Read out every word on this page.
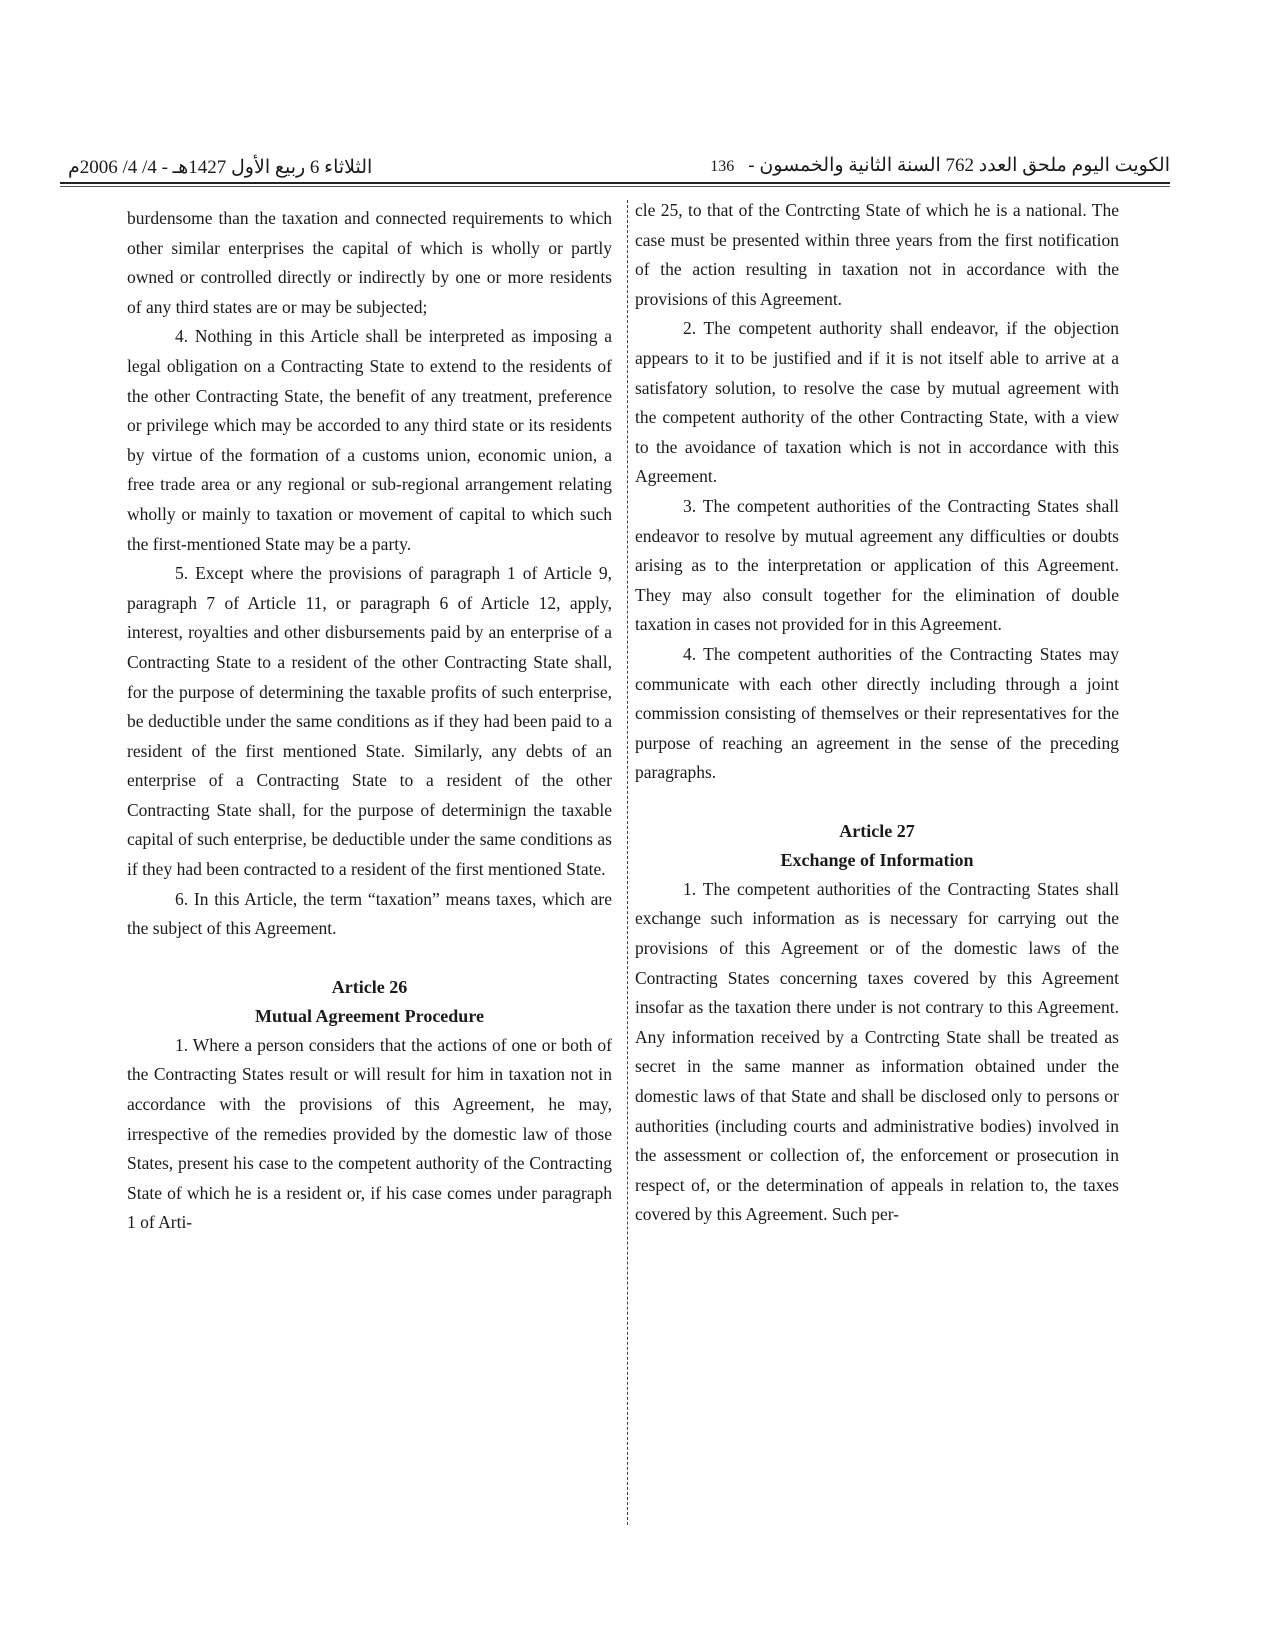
الثلاثاء 6 ربيع الأول 1427هـ - 4/ 4/ 2006م	الكويت اليوم ملحق العدد 762 السنة الثانية والخمسون -136

burdensome than the taxation and connected requirements to which other similar enterprises the capital of which is wholly or partly owned or controlled directly or indirectly by one or more residents of any third states are or may be subjected;

4. Nothing in this Article shall be interpreted as imposing a legal obligation on a Contracting State to extend to the residents of the other Contracting State, the benefit of any treatment, preference or privilege which may be accorded to any third state or its residents by virtue of the formation of a customs union, economic union, a free trade area or any regional or sub-regional arrangement relating wholly or mainly to taxation or movement of capital to which such the first-mentioned State may be a party.

5. Except where the provisions of paragraph 1 of Article 9, paragraph 7 of Article 11, or paragraph 6 of Article 12, apply, interest, royalties and other disbursements paid by an enterprise of a Contracting State to a resident of the other Contracting State shall, for the purpose of determining the taxable profits of such enterprise, be deductible under the same conditions as if they had been paid to a resident of the first mentioned State. Similarly, any debts of an enterprise of a Contracting State to a resident of the other Contracting State shall, for the purpose of determinign the taxable capital of such enterprise, be deductible under the same conditions as if they had been contracted to a resident of the first mentioned State.

6. In this Article, the term “taxation” means taxes, which are the subject of this Agreement.

Article 26

Mutual Agreement Procedure

1. Where a person considers that the actions of one or both of the Contracting States result or will result for him in taxation not in accordance with the provisions of this Agreement, he may, irrespective of the remedies provided by the domestic law of those States, present his case to the competent authority of the Contracting State of which he is a resident or, if his case comes under paragraph 1 of Arti-

cle 25, to that of the Contrcting State of which he is a national. The case must be presented within three years from the first notification of the action resulting in taxation not in accordance with the provisions of this Agreement.

2. The competent authority shall endeavor, if the objection appears to it to be justified and if it is not itself able to arrive at a satisfatory solution, to resolve the case by mutual agreement with the competent authority of the other Contracting State, with a view to the avoidance of taxation which is not in accordance with this Agreement.

3. The competent authorities of the Contracting States shall endeavor to resolve by mutual agreement any difficulties or doubts arising as to the interpretation or application of this Agreement. They may also consult together for the elimination of double taxation in cases not provided for in this Agreement.

4. The competent authorities of the Contracting States may communicate with each other directly including through a joint commission consisting of themselves or their representatives for the purpose of reaching an agreement in the sense of the preceding paragraphs.

Article 27

Exchange of Information

1. The competent authorities of the Contracting States shall exchange such information as is necessary for carrying out the provisions of this Agreement or of the domestic laws of the Contracting States concerning taxes covered by this Agreement insofar as the taxation there under is not contrary to this Agreement. Any information received by a Contrcting State shall be treated as secret in the same manner as information obtained under the domestic laws of that State and shall be disclosed only to persons or authorities (including courts and administrative bodies) involved in the assessment or collection of, the enforcement or prosecution in respect of, or the determination of appeals in relation to, the taxes covered by this Agreement. Such per-
